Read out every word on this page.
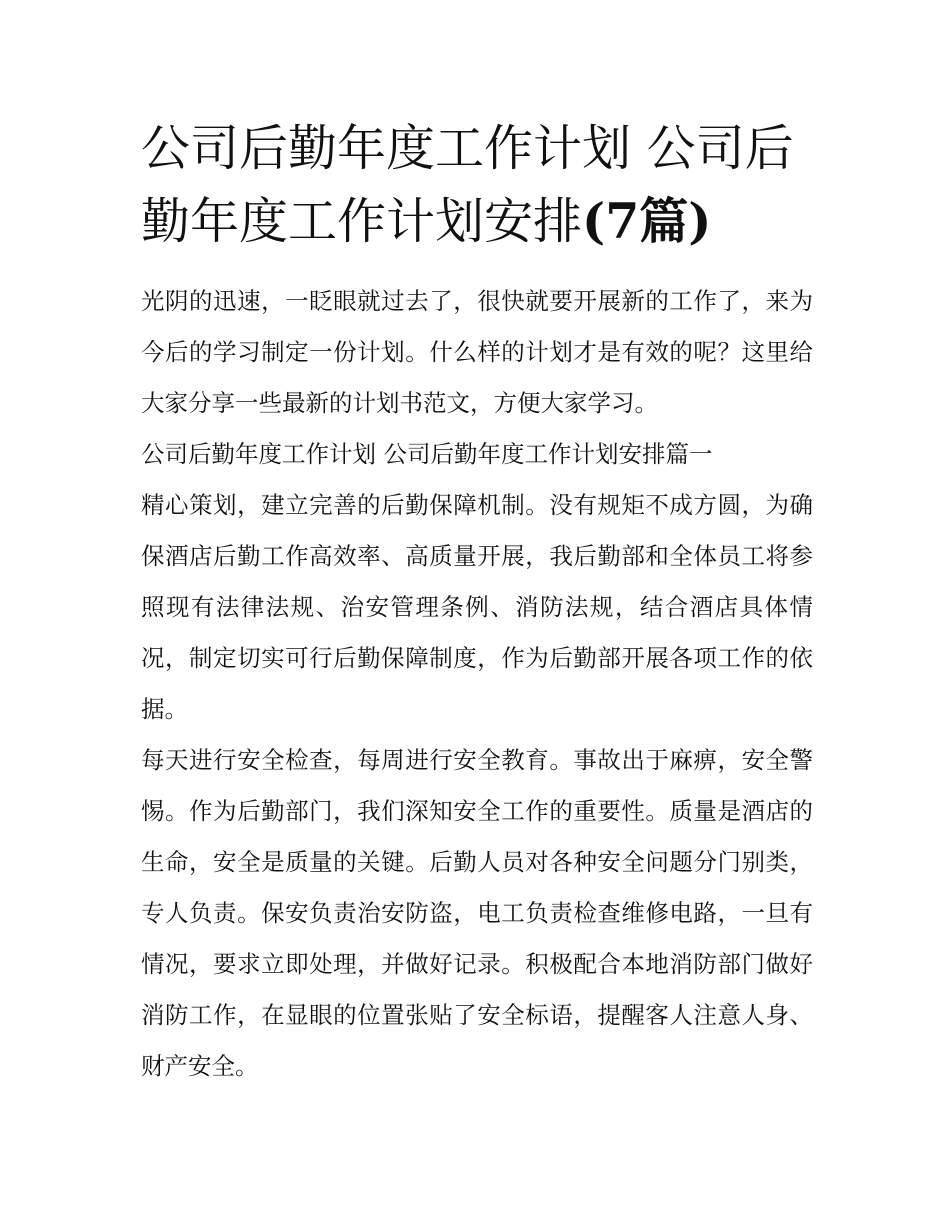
公司后勤年度工作计划 公司后勤年度工作计划安排(7篇)

光阴的迅速，一眨眼就过去了，很快就要开展新的工作了，来为今后的学习制定一份计划。什么样的计划才是有效的呢？这里给大家分享一些最新的计划书范文，方便大家学习。

公司后勤年度工作计划 公司后勤年度工作计划安排篇一

精心策划，建立完善的后勤保障机制。没有规矩不成方圆，为确保酒店后勤工作高效率、高质量开展，我后勤部和全体员工将参照现有法律法规、治安管理条例、消防法规，结合酒店具体情况，制定切实可行后勤保障制度，作为后勤部开展各项工作的依据。

每天进行安全检查，每周进行安全教育。事故出于麻痹，安全警惕。作为后勤部门，我们深知安全工作的重要性。质量是酒店的生命，安全是质量的关键。后勤人员对各种安全问题分门别类，专人负责。保安负责治安防盗，电工负责检查维修电路，一旦有情况，要求立即处理，并做好记录。积极配合本地消防部门做好消防工作，在显眼的位置张贴了安全标语，提醒客人注意人身、财产安全。
